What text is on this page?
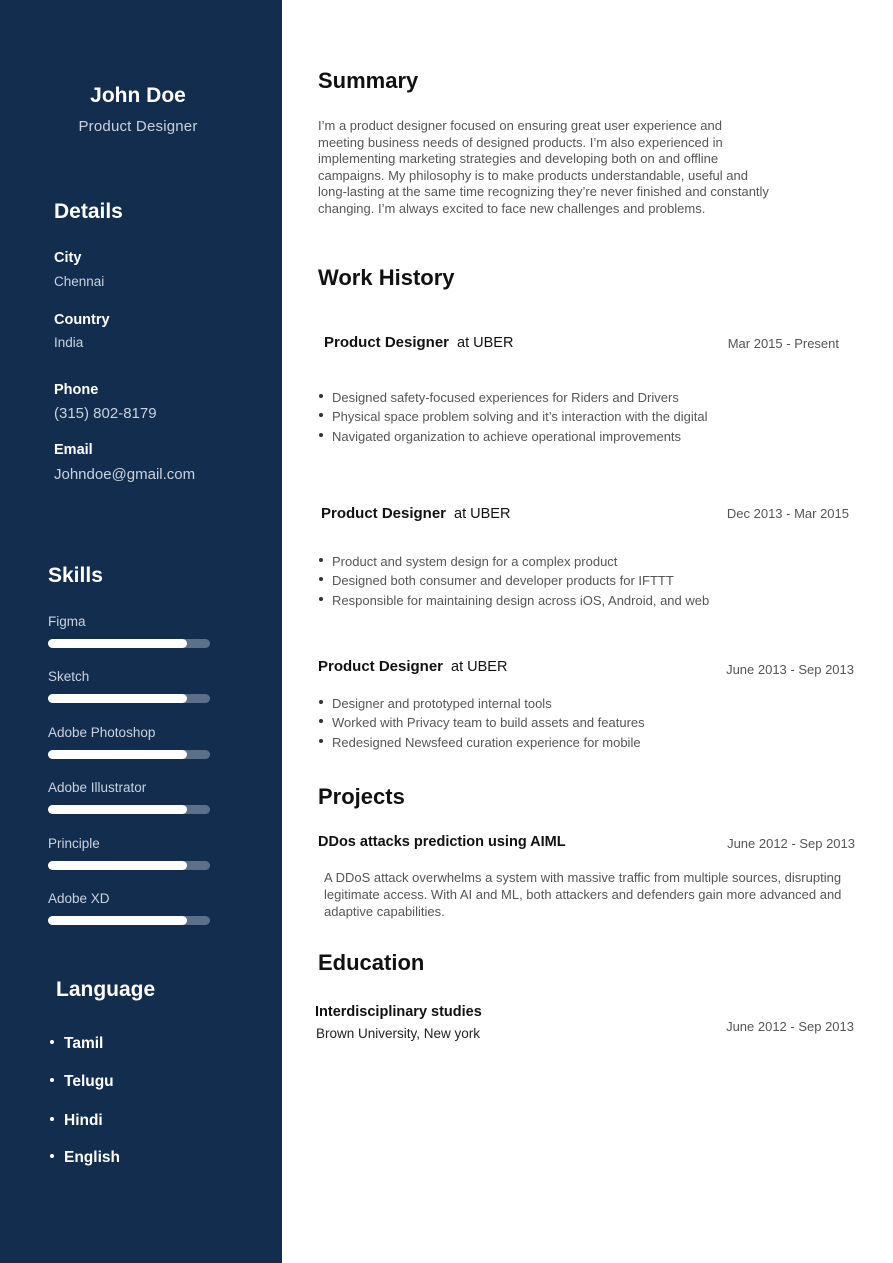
John Doe
Product Designer
Details
City
Chennai
Country
India
Phone
(315) 802-8179
Email
Johndoe@gmail.com
Skills
Figma
Sketch
Adobe Photoshop
Adobe Illustrator
Principle
Adobe XD
Language
Tamil
Telugu
Hindi
English
Summary
I’m a product designer focused on ensuring great user experience and meeting business needs of designed products. I’m also experienced in implementing marketing strategies and developing both on and offline campaigns. My philosophy is to make products understandable, useful and long-lasting at the same time recognizing they’re never finished and constantly changing. I’m always excited to face new challenges and problems.
Work History
Product Designer at UBER	Mar 2015 - Present
Designed safety-focused experiences for Riders and Drivers
Physical space problem solving and it’s interaction with the digital
Navigated organization to achieve operational improvements
Product Designer at UBER	Dec 2013 - Mar 2015
Product and system design for a complex product
Designed both consumer and developer products for IFTTT
Responsible for maintaining design across iOS, Android, and web
Product Designer at UBER	June 2013 - Sep 2013
Designer and prototyped internal tools
Worked with Privacy team to build assets and features
Redesigned Newsfeed curation experience for mobile
Projects
DDos attacks prediction using AIML	June 2012 - Sep 2013
A DDoS attack overwhelms a system with massive traffic from multiple sources, disrupting legitimate access. With AI and ML, both attackers and defenders gain more advanced and adaptive capabilities.
Education
Interdisciplinary studies
Brown University, New york	June 2012 - Sep 2013
